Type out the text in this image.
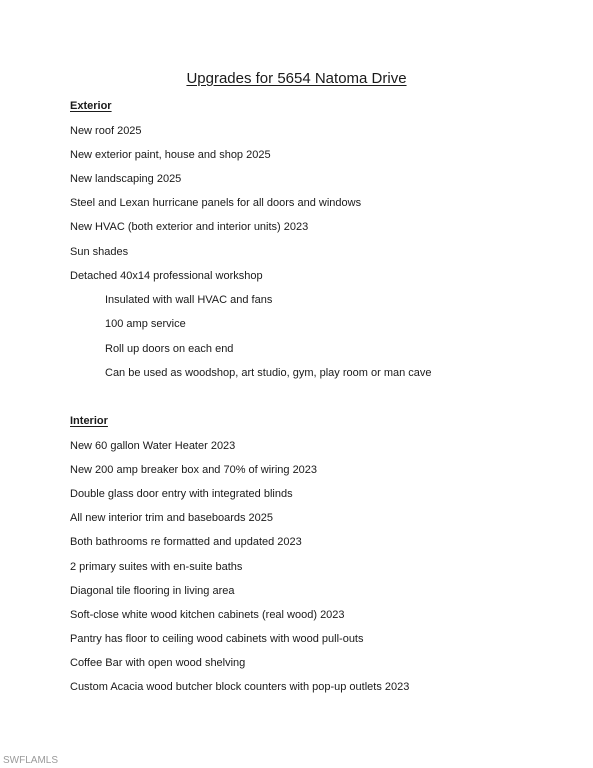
Upgrades for 5654 Natoma Drive
Exterior
New roof 2025
New exterior paint, house and shop 2025
New landscaping 2025
Steel and Lexan hurricane panels for all doors and windows
New HVAC (both exterior and interior units) 2023
Sun shades
Detached 40x14 professional workshop
Insulated with wall HVAC and fans
100 amp service
Roll up doors on each end
Can be used as woodshop, art studio, gym, play room or man cave
Interior
New 60 gallon Water Heater 2023
New 200 amp breaker box and 70% of wiring 2023
Double glass door entry with integrated blinds
All new interior trim and baseboards 2025
Both bathrooms re formatted and updated 2023
2 primary suites with en-suite baths
Diagonal tile flooring in living area
Soft-close white wood kitchen cabinets (real wood) 2023
Pantry has floor to ceiling wood cabinets with wood pull-outs
Coffee Bar with open wood shelving
Custom Acacia wood butcher block counters with pop-up outlets 2023
SWFLAMLS
